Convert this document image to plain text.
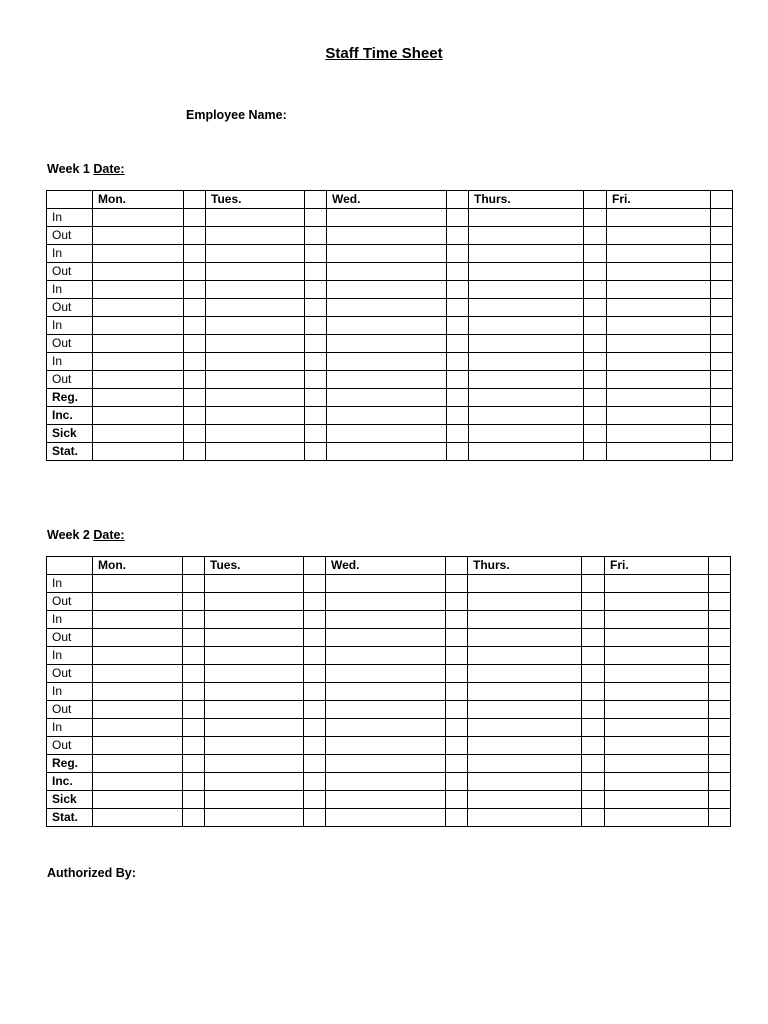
Staff Time Sheet
Employee Name:
Week 1 Date:
	Mon.		Tues.		Wed.		Thurs.		Fri.	
In										
Out										
In										
Out										
In										
Out										
In										
Out										
In										
Out										
Reg.										
Inc.										
Sick										
Stat.										
Week 2 Date:
	Mon.		Tues.		Wed.		Thurs.		Fri.	
In										
Out										
In										
Out										
In										
Out										
In										
Out										
In										
Out										
Reg.										
Inc.										
Sick										
Stat.										
Authorized By:
